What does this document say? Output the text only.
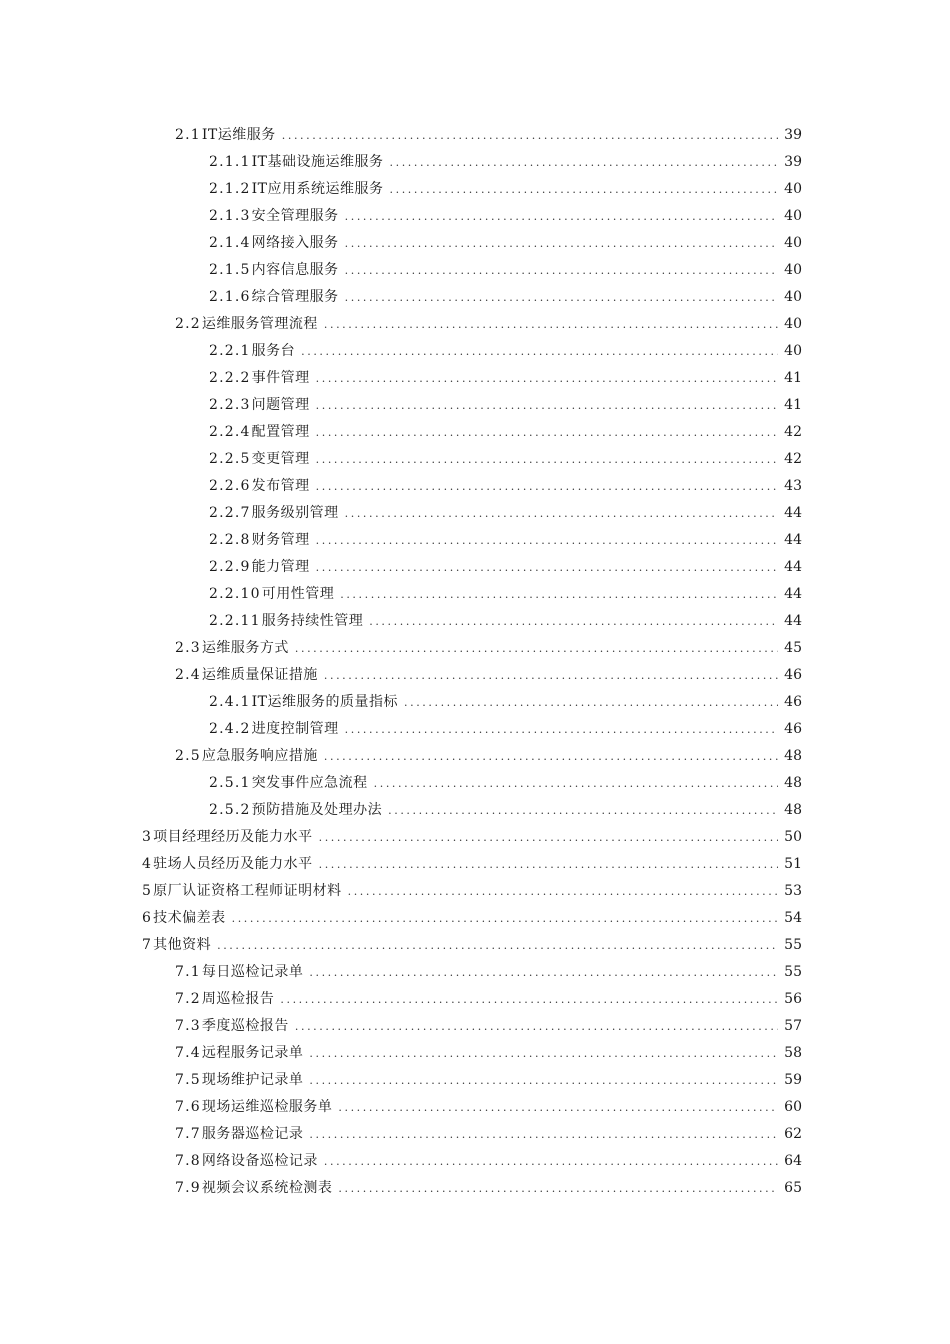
2.1 IT运维服务 .....	39
2.1.1 IT基础设施运维服务 .....	39
2.1.2 IT应用系统运维服务 .....	40
2.1.3 安全管理服务 .....	40
2.1.4 网络接入服务 .....	40
2.1.5 内容信息服务 .....	40
2.1.6 综合管理服务 .....	40
2.2 运维服务管理流程 .....	40
2.2.1 服务台 .....	40
2.2.2 事件管理 .....	41
2.2.3 问题管理 .....	41
2.2.4 配置管理 .....	42
2.2.5 变更管理 .....	42
2.2.6 发布管理 .....	43
2.2.7 服务级别管理 .....	44
2.2.8 财务管理 .....	44
2.2.9 能力管理 .....	44
2.2.10 可用性管理 .....	44
2.2.11 服务持续性管理 .....	44
2.3 运维服务方式 .....	45
2.4 运维质量保证措施 .....	46
2.4.1 IT运维服务的质量指标 .....	46
2.4.2 进度控制管理 .....	46
2.5 应急服务响应措施 .....	48
2.5.1 突发事件应急流程 .....	48
2.5.2 预防措施及处理办法 .....	48
3 项目经理经历及能力水平 .....	50
4 驻场人员经历及能力水平 .....	51
5 原厂认证资格工程师证明材料 .....	53
6 技术偏差表 .....	54
7 其他资料 .....	55
7.1 每日巡检记录单 .....	55
7.2 周巡检报告 .....	56
7.3 季度巡检报告 .....	57
7.4 远程服务记录单 .....	58
7.5 现场维护记录单 .....	59
7.6 现场运维巡检服务单 .....	60
7.7 服务器巡检记录 .....	62
7.8 网络设备巡检记录 .....	64
7.9 视频会议系统检测表 .....	65
